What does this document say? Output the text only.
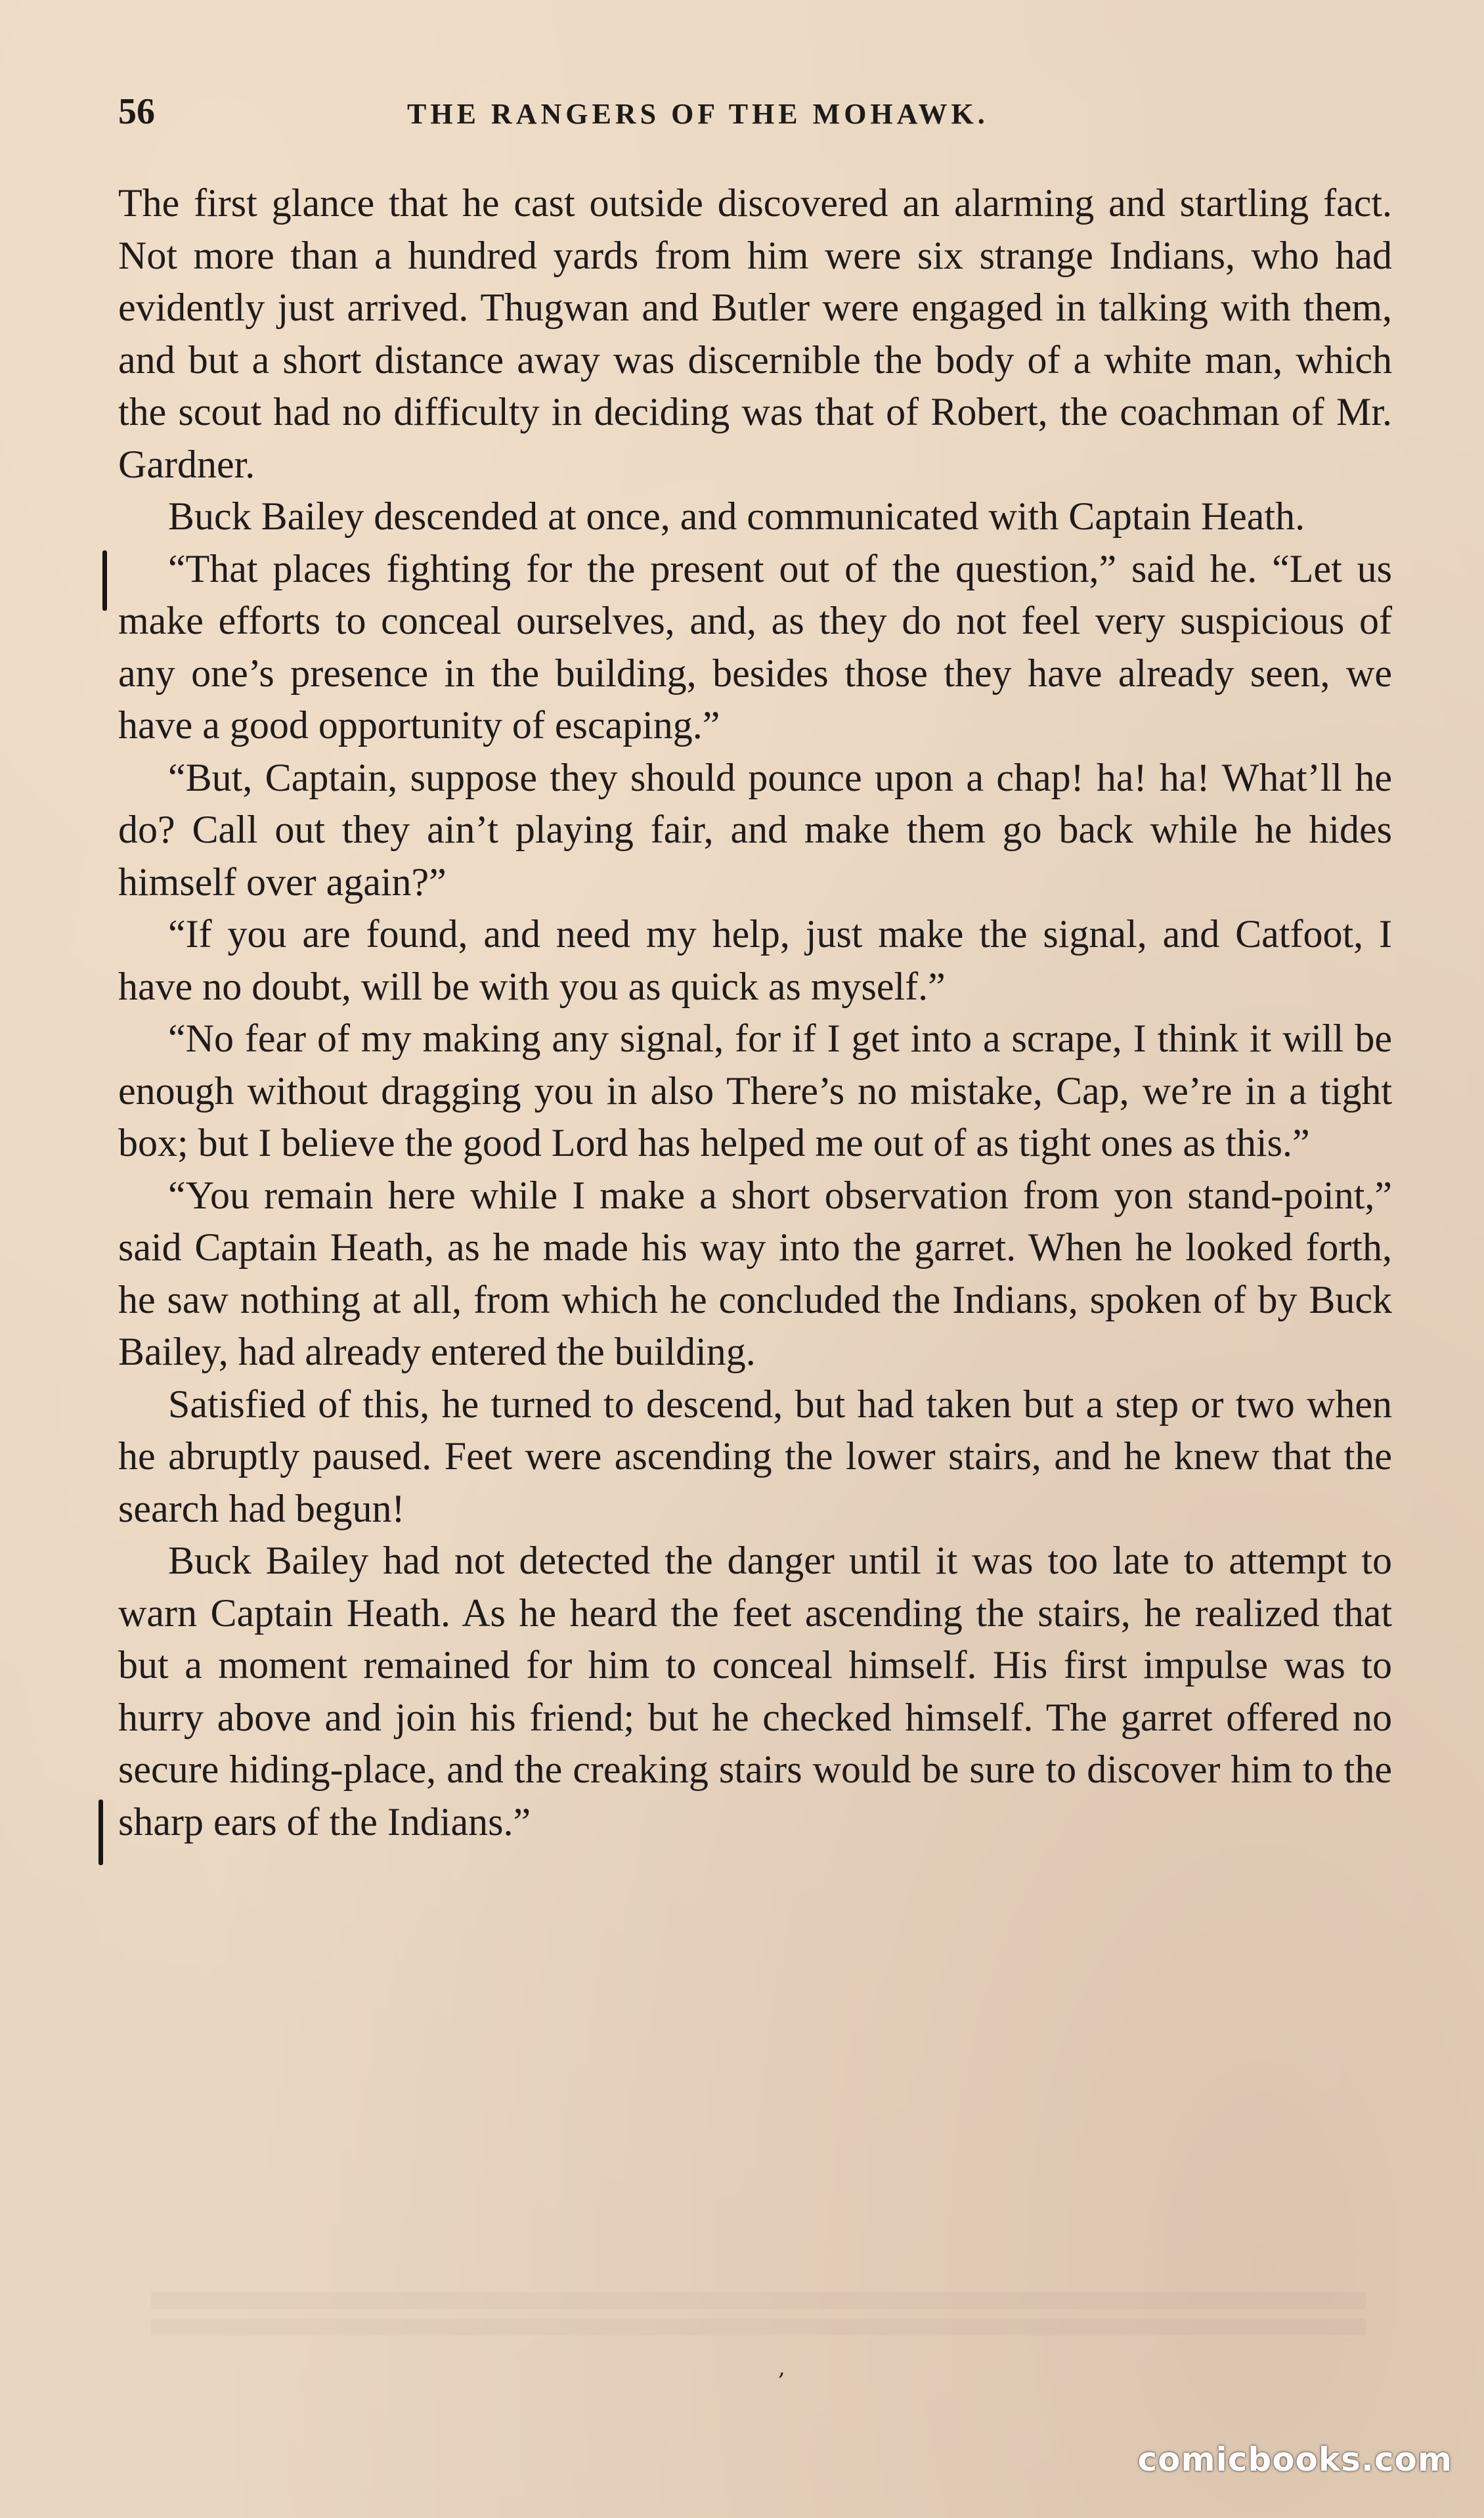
56	THE RANGERS OF THE MOHAWK.

The first glance that he cast outside discovered an alarming and startling fact. Not more than a hundred yards from him were six strange Indians, who had evidently just arrived. Thugwan and Butler were engaged in talking with them, and but a short distance away was discernible the body of a white man, which the scout had no difficulty in deciding was that of Robert, the coachman of Mr. Gardner.

Buck Bailey descended at once, and communicated with Captain Heath.

“That places fighting for the present out of the question,” said he. “Let us make efforts to conceal ourselves, and, as they do not feel very suspicious of any one’s presence in the building, besides those they have already seen, we have a good opportunity of escaping.”

“But, Captain, suppose they should pounce upon a chap! ha! ha! What’ll he do? Call out they ain’t playing fair, and make them go back while he hides himself over again?”

“If you are found, and need my help, just make the signal, and Catfoot, I have no doubt, will be with you as quick as myself.”

“No fear of my making any signal, for if I get into a scrape, I think it will be enough without dragging you in also There’s no mistake, Cap, we’re in a tight box; but I believe the good Lord has helped me out of as tight ones as this.”

“You remain here while I make a short observation from yon stand-point,” said Captain Heath, as he made his way into the garret. When he looked forth, he saw nothing at all, from which he concluded the Indians, spoken of by Buck Bailey, had already entered the building.

Satisfied of this, he turned to descend, but had taken but a step or two when he abruptly paused. Feet were ascending the lower stairs, and he knew that the search had begun!

Buck Bailey had not detected the danger until it was too late to attempt to warn Captain Heath. As he heard the feet ascending the stairs, he realized that but a moment remained for him to conceal himself. His first impulse was to hurry above and join his friend; but he checked himself. The garret offered no secure hiding-place, and the creaking stairs would be sure to discover him to the sharp ears of the Indians.”

,
comicbooks.com
